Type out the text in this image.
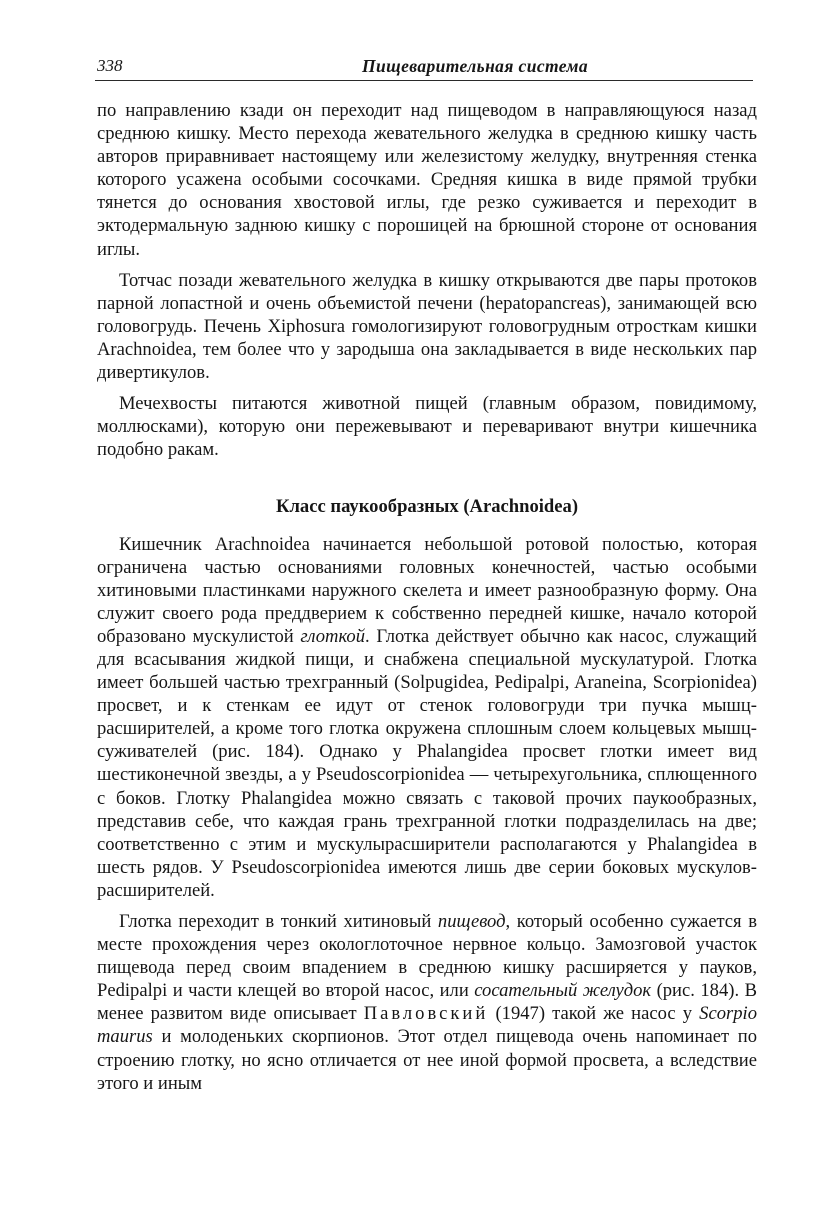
338	Пищеварительная система

по направлению кзади он переходит над пищеводом в направляющуюся назад среднюю кишку. Место перехода жевательного желудка в среднюю кишку часть авторов приравнивает настоящему или железистому желудку, внутренняя стенка которого усажена особыми сосочками. Средняя кишка в виде прямой трубки тянется до основания хвостовой иглы, где резко суживается и переходит в эктодермальную заднюю кишку с порошицей на брюшной стороне от основания иглы.

Тотчас позади жевательного желудка в кишку открываются две пары протоков парной лопастной и очень объемистой печени (hepatopancreas), занимающей всю головогрудь. Печень Xiphosura гомологизируют головогрудным отросткам кишки Arachnoidea, тем более что у зародыша она закладывается в виде нескольких пар дивертикулов.

Мечехвосты питаются животной пищей (главным образом, повидимому, моллюсками), которую они пережевывают и переваривают внутри кишечника подобно ракам.

Класс паукообразных (Arachnoidea)

Кишечник Arachnoidea начинается небольшой ротовой полостью, которая ограничена частью основаниями головных конечностей, частью особыми хитиновыми пластинками наружного скелета и имеет разнообразную форму. Она служит своего рода преддверием к собственно передней кишке, начало которой образовано мускулистой глоткой. Глотка действует обычно как насос, служащий для всасывания жидкой пищи, и снабжена специальной мускулатурой. Глотка имеет большей частью трехгранный (Solpugidea, Pedipalpi, Araneina, Scorpionidea) просвет, и к стенкам ее идут от стенок головогруди три пучка мышц-расширителей, а кроме того глотка окружена сплошным слоем кольцевых мышц-суживателей (рис. 184). Однако у Phalangidea просвет глотки имеет вид шестиконечной звезды, а у Pseudoscorpionidea — четырехугольника, сплющенного с боков. Глотку Phalangidea можно связать с таковой прочих паукообразных, представив себе, что каждая грань трехгранной глотки подразделилась на две; соответственно с этим и мускулырасширители располагаются у Phalangidea в шесть рядов. У Pseudoscorpionidea имеются лишь две серии боковых мускулов-расширителей.

Глотка переходит в тонкий хитиновый пищевод, который особенно сужается в месте прохождения через окологлоточное нервное кольцо. Замозговой участок пищевода перед своим впадением в среднюю кишку расширяется у пауков, Pedipalpi и части клещей во второй насос, или сосательный желудок (рис. 184). В менее развитом виде описывает Павловский (1947) такой же насос у Scorpio maurus и молоденьких скорпионов. Этот отдел пищевода очень напоминает по строению глотку, но ясно отличается от нее иной формой просвета, а вследствие этого и иным
